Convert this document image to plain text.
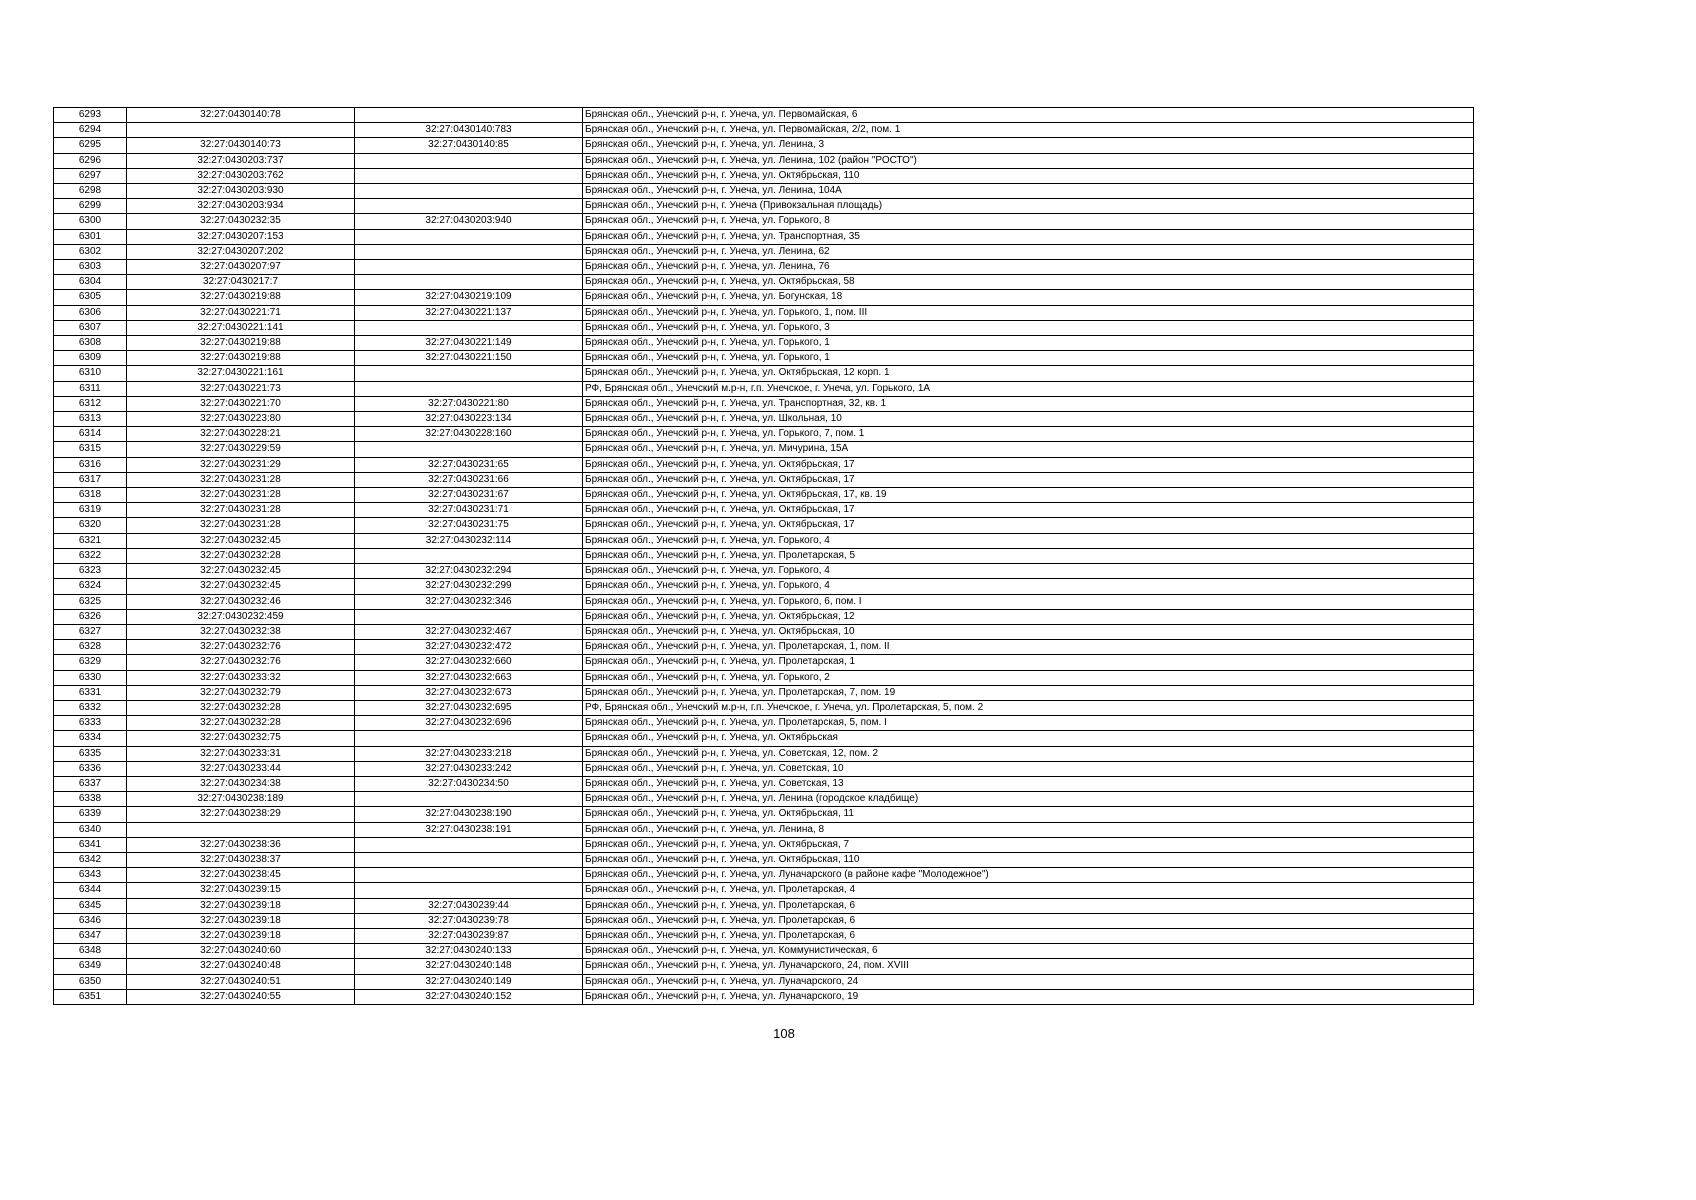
6293	32:27:0430140:78		Брянская обл., Унечский р-н, г. Унеча, ул. Первомайская, 6
6294		32:27:0430140:783	Брянская обл., Унечский р-н, г. Унеча, ул. Первомайская, 2/2, пом. 1
6295	32:27:0430140:73	32:27:0430140:85	Брянская обл., Унечский р-н, г. Унеча, ул. Ленина, 3
6296	32:27:0430203:737		Брянская обл., Унечский р-н, г. Унеча, ул. Ленина, 102 (район "РОСТО")
6297	32:27:0430203:762		Брянская обл., Унечский р-н, г. Унеча, ул. Октябрьская, 110
6298	32:27:0430203:930		Брянская обл., Унечский р-н, г. Унеча, ул. Ленина, 104А
6299	32:27:0430203:934		Брянская обл., Унечский р-н, г. Унеча (Привокзальная площадь)
6300	32:27:0430232:35	32:27:0430203:940	Брянская обл., Унечский р-н, г. Унеча, ул. Горького, 8
6301	32:27:0430207:153		Брянская обл., Унечский р-н, г. Унеча, ул. Транспортная, 35
6302	32:27:0430207:202		Брянская обл., Унечский р-н, г. Унеча, ул. Ленина, 62
6303	32:27:0430207:97		Брянская обл., Унечский р-н, г. Унеча, ул. Ленина, 76
6304	32:27:0430217:7		Брянская обл., Унечский р-н, г. Унеча, ул. Октябрьская, 58
6305	32:27:0430219:88	32:27:0430219:109	Брянская обл., Унечский р-н, г. Унеча, ул. Богунская, 18
6306	32:27:0430221:71	32:27:0430221:137	Брянская обл., Унечский р-н, г. Унеча, ул. Горького, 1, пом. III
6307	32:27:0430221:141		Брянская обл., Унечский р-н, г. Унеча, ул. Горького, 3
6308	32:27:0430219:88	32:27:0430221:149	Брянская обл., Унечский р-н, г. Унеча, ул. Горького, 1
6309	32:27:0430219:88	32:27:0430221:150	Брянская обл., Унечский р-н, г. Унеча, ул. Горького, 1
6310	32:27:0430221:161		Брянская обл., Унечский р-н, г. Унеча, ул. Октябрьская, 12 корп. 1
6311	32:27:0430221:73		РФ, Брянская обл., Унечский м.р-н, г.п. Унечское, г. Унеча, ул. Горького, 1А
6312	32:27:0430221:70	32:27:0430221:80	Брянская обл., Унечский р-н, г. Унеча, ул. Транспортная, 32, кв. 1
6313	32:27:0430223:80	32:27:0430223:134	Брянская обл., Унечский р-н, г. Унеча, ул. Школьная, 10
6314	32:27:0430228:21	32:27:0430228:160	Брянская обл., Унечский р-н, г. Унеча, ул. Горького, 7, пом. 1
6315	32:27:0430229:59		Брянская обл., Унечский р-н, г. Унеча, ул. Мичурина, 15А
6316	32:27:0430231:29	32:27:0430231:65	Брянская обл., Унечский р-н, г. Унеча, ул. Октябрьская, 17
6317	32:27:0430231:28	32:27:0430231:66	Брянская обл., Унечский р-н, г. Унеча, ул. Октябрьская, 17
6318	32:27:0430231:28	32:27:0430231:67	Брянская обл., Унечский р-н, г. Унеча, ул. Октябрьская, 17, кв. 19
6319	32:27:0430231:28	32:27:0430231:71	Брянская обл., Унечский р-н, г. Унеча, ул. Октябрьская, 17
6320	32:27:0430231:28	32:27:0430231:75	Брянская обл., Унечский р-н, г. Унеча, ул. Октябрьская, 17
6321	32:27:0430232:45	32:27:0430232:114	Брянская обл., Унечский р-н, г. Унеча, ул. Горького, 4
6322	32:27:0430232:28		Брянская обл., Унечский р-н, г. Унеча, ул. Пролетарская, 5
6323	32:27:0430232:45	32:27:0430232:294	Брянская обл., Унечский р-н, г. Унеча, ул. Горького, 4
6324	32:27:0430232:45	32:27:0430232:299	Брянская обл., Унечский р-н, г. Унеча, ул. Горького, 4
6325	32:27:0430232:46	32:27:0430232:346	Брянская обл., Унечский р-н, г. Унеча, ул. Горького, 6, пом. I
6326	32:27:0430232:459		Брянская обл., Унечский р-н, г. Унеча, ул. Октябрьская, 12
6327	32:27:0430232:38	32:27:0430232:467	Брянская обл., Унечский р-н, г. Унеча, ул. Октябрьская, 10
6328	32:27:0430232:76	32:27:0430232:472	Брянская обл., Унечский р-н, г. Унеча, ул. Пролетарская, 1, пом. II
6329	32:27:0430232:76	32:27:0430232:660	Брянская обл., Унечский р-н, г. Унеча, ул. Пролетарская, 1
6330	32:27:0430233:32	32:27:0430232:663	Брянская обл., Унечский р-н, г. Унеча, ул. Горького, 2
6331	32:27:0430232:79	32:27:0430232:673	Брянская обл., Унечский р-н, г. Унеча, ул. Пролетарская, 7, пом. 19
6332	32:27:0430232:28	32:27:0430232:695	РФ, Брянская обл., Унечский м.р-н, г.п. Унечское, г. Унеча, ул. Пролетарская, 5, пом. 2
6333	32:27:0430232:28	32:27:0430232:696	Брянская обл., Унечский р-н, г. Унеча, ул. Пролетарская, 5, пом. I
6334	32:27:0430232:75		Брянская обл., Унечский р-н, г. Унеча, ул. Октябрьская
6335	32:27:0430233:31	32:27:0430233:218	Брянская обл., Унечский р-н, г. Унеча, ул. Советская, 12, пом. 2
6336	32:27:0430233:44	32:27:0430233:242	Брянская обл., Унечский р-н, г. Унеча, ул. Советская, 10
6337	32:27:0430234:38	32:27:0430234:50	Брянская обл., Унечский р-н, г. Унеча, ул. Советская, 13
6338	32:27:0430238:189		Брянская обл., Унечский р-н, г. Унеча, ул. Ленина (городское кладбище)
6339	32:27:0430238:29	32:27:0430238:190	Брянская обл., Унечский р-н, г. Унеча, ул. Октябрьская, 11
6340		32:27:0430238:191	Брянская обл., Унечский р-н, г. Унеча, ул. Ленина, 8
6341	32:27:0430238:36		Брянская обл., Унечский р-н, г. Унеча, ул. Октябрьская, 7
6342	32:27:0430238:37		Брянская обл., Унечский р-н, г. Унеча, ул. Октябрьская, 110
6343	32:27:0430238:45		Брянская обл., Унечский р-н, г. Унеча, ул. Луначарского (в районе кафе "Молодежное")
6344	32:27:0430239:15		Брянская обл., Унечский р-н, г. Унеча, ул. Пролетарская, 4
6345	32:27:0430239:18	32:27:0430239:44	Брянская обл., Унечский р-н, г. Унеча, ул. Пролетарская, 6
6346	32:27:0430239:18	32:27:0430239:78	Брянская обл., Унечский р-н, г. Унеча, ул. Пролетарская, 6
6347	32:27:0430239:18	32:27:0430239:87	Брянская обл., Унечский р-н, г. Унеча, ул. Пролетарская, 6
6348	32:27:0430240:60	32:27:0430240:133	Брянская обл., Унечский р-н, г. Унеча, ул. Коммунистическая, 6
6349	32:27:0430240:48	32:27:0430240:148	Брянская обл., Унечский р-н, г. Унеча, ул. Луначарского, 24, пом. XVIII
6350	32:27:0430240:51	32:27:0430240:149	Брянская обл., Унечский р-н, г. Унеча, ул. Луначарского, 24
6351	32:27:0430240:55	32:27:0430240:152	Брянская обл., Унечский р-н, г. Унеча, ул. Луначарского, 19
108
